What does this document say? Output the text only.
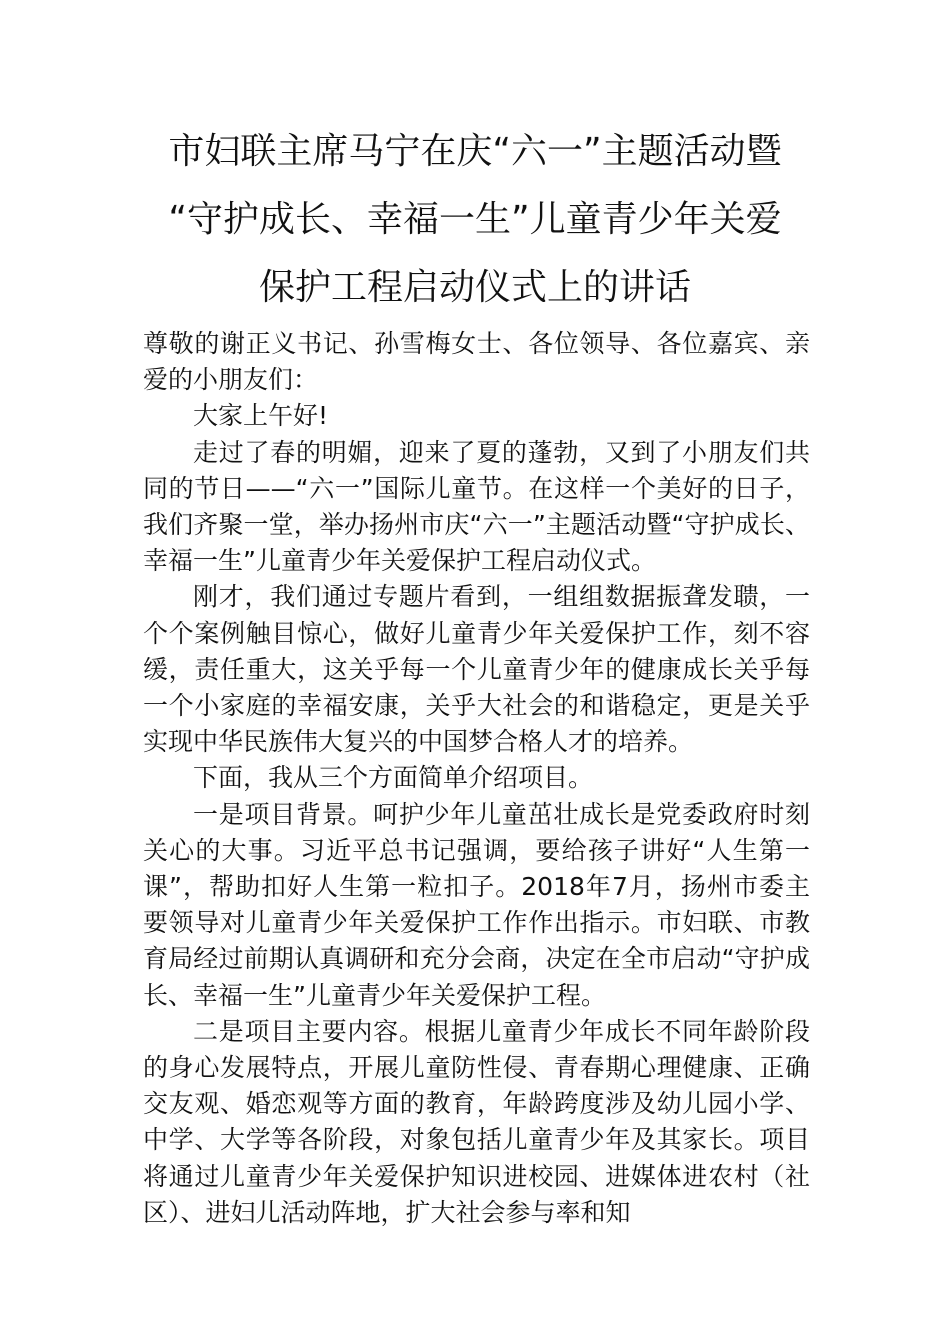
市妇联主席马宁在庆“六一”主题活动暨
“守护成长、幸福一生”儿童青少年关爱
保护工程启动仪式上的讲话

尊敬的谢正义书记、孙雪梅女士、各位领导、各位嘉宾、亲爱的小朋友们：

大家上午好!

走过了春的明媚，迎来了夏的蓬勃，又到了小朋友们共同的节日——“六一”国际儿童节。在这样一个美好的日子，我们齐聚一堂，举办扬州市庆“六一”主题活动暨“守护成长、幸福一生”儿童青少年关爱保护工程启动仪式。

刚才，我们通过专题片看到，一组组数据振聋发聩，一个个案例触目惊心，做好儿童青少年关爱保护工作，刻不容缓，责任重大，这关乎每一个儿童青少年的健康成长关乎每一个小家庭的幸福安康，关乎大社会的和谐稳定，更是关乎实现中华民族伟大复兴的中国梦合格人才的培养。

下面，我从三个方面简单介绍项目。

一是项目背景。呵护少年儿童茁壮成长是党委政府时刻关心的大事。习近平总书记强调，要给孩子讲好“人生第一课”，帮助扣好人生第一粒扣子。2018年7月，扬州市委主要领导对儿童青少年关爱保护工作作出指示。市妇联、市教育局经过前期认真调研和充分会商，决定在全市启动“守护成长、幸福一生”儿童青少年关爱保护工程。

二是项目主要内容。根据儿童青少年成长不同年龄阶段的身心发展特点，开展儿童防性侵、青春期心理健康、正确交友观、婚恋观等方面的教育，年龄跨度涉及幼儿园小学、中学、大学等各阶段，对象包括儿童青少年及其家长。项目将通过儿童青少年关爱保护知识进校园、进媒体进农村（社区）、进妇儿活动阵地，扩大社会参与率和知
